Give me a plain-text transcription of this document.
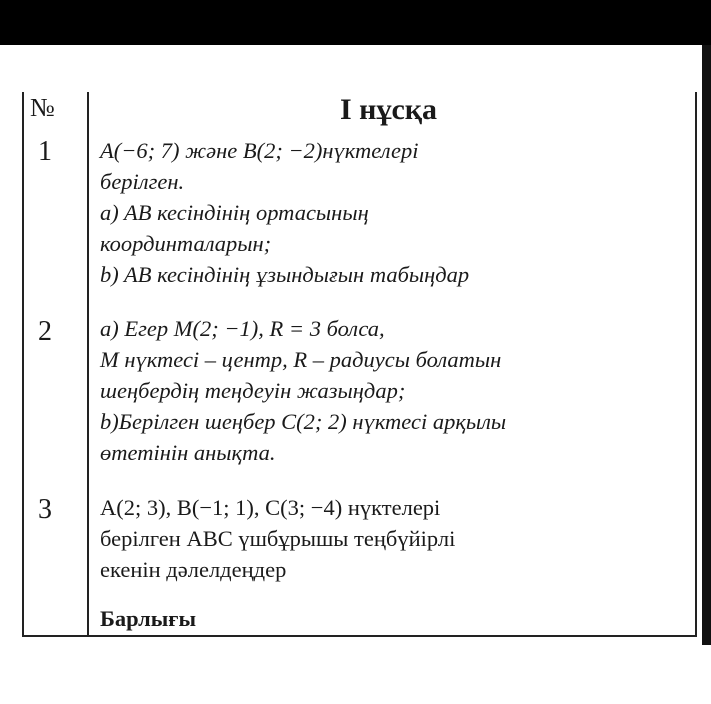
№	I нұсқа
1 A(−6; 7) және B(2; −2)нүктелері
берілген.
a) AB кесіндінің ортасының
координталарын;
b) AB кесіндінің ұзындығын табыңдар
2 a) Егер M(2; −1), R = 3 болса,
M нүктесі – центр, R – радиусы болатын
шеңбердің теңдеуін жазыңдар;
b)Берілген шеңбер C(2; 2) нүктесі арқылы
өтетінін анықта.
3 A(2; 3), B(−1; 1), C(3; −4) нүктелері
берілген ABC үшбұрышы теңбүйірлі
екенін дәлелдеңдер
Барлығы
